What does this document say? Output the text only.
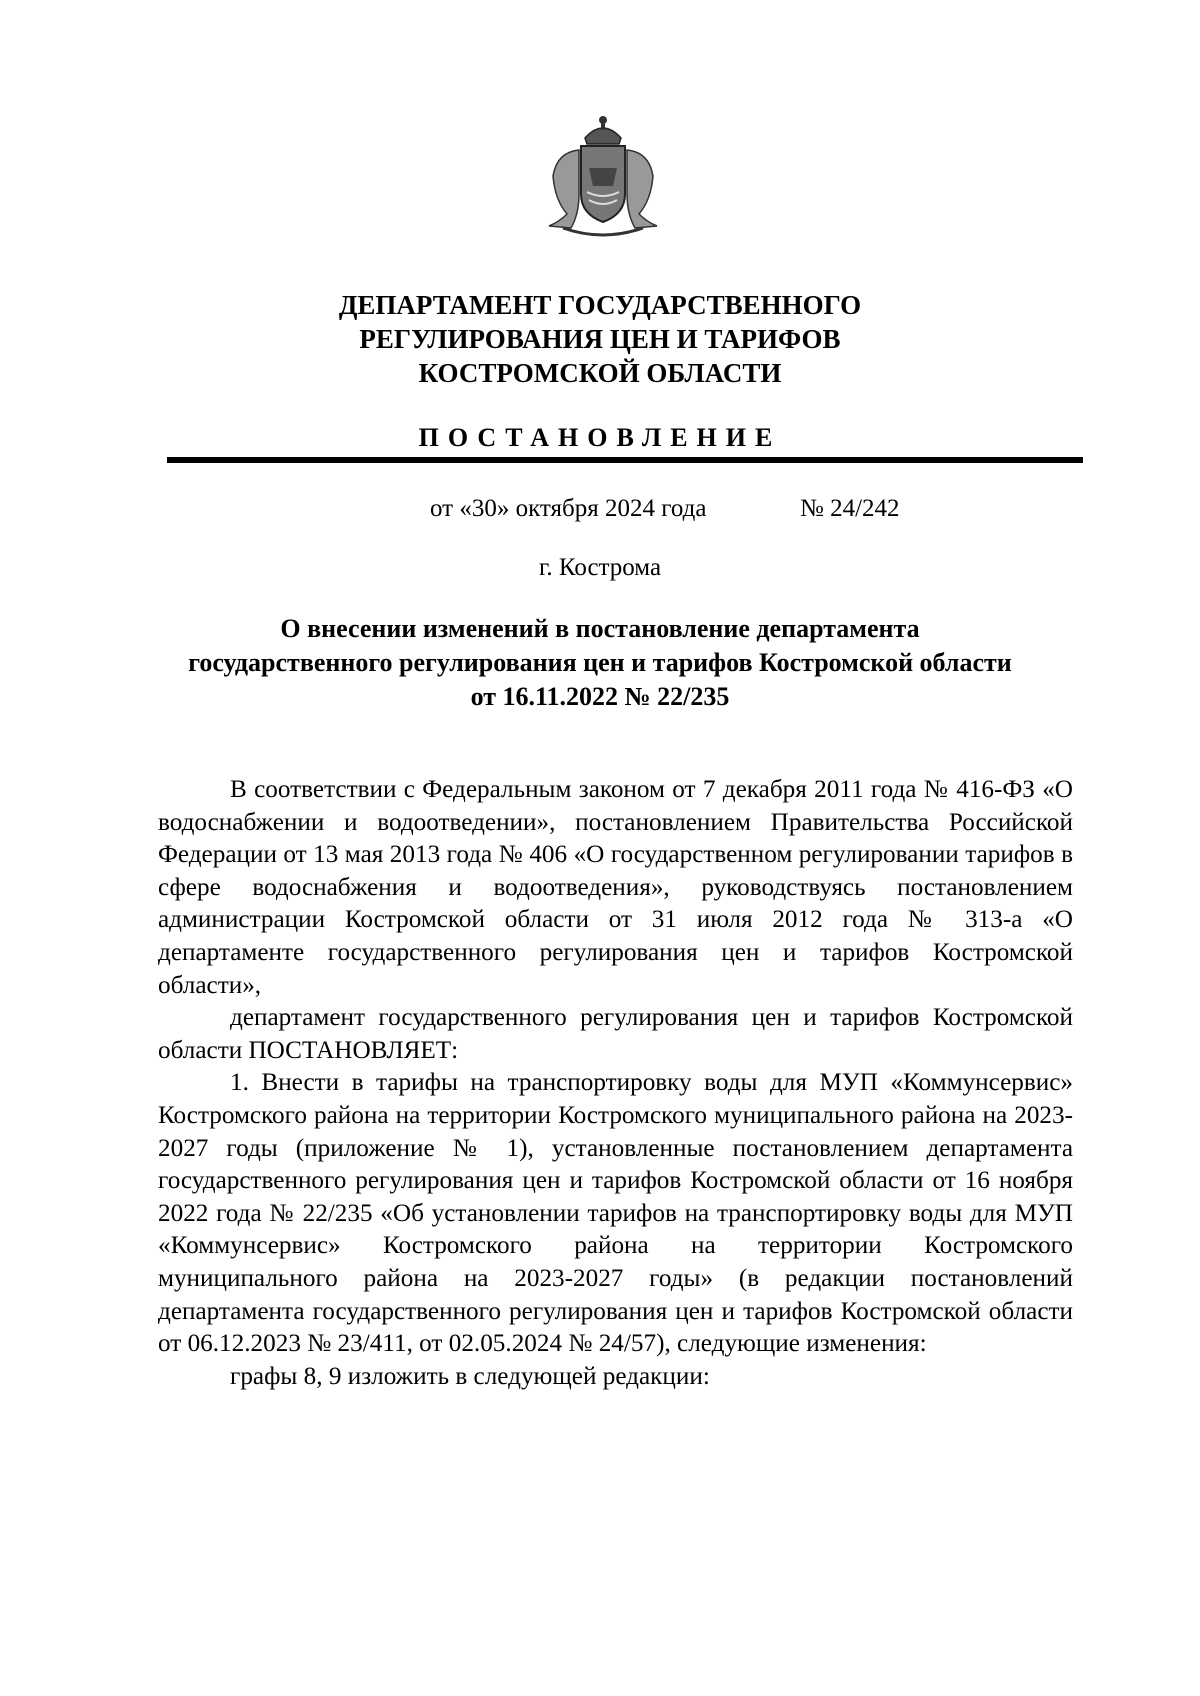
ДЕПАРТАМЕНТ ГОСУДАРСТВЕННОГО
РЕГУЛИРОВАНИЯ ЦЕН И ТАРИФОВ
КОСТРОМСКОЙ ОБЛАСТИ
ПОСТАНОВЛЕНИЕ
от «30» октября 2024 года	№ 24/242
г. Кострома
О внесении изменений в постановление департамента
государственного регулирования цен и тарифов Костромской области
от 16.11.2022 № 22/235

В соответствии с Федеральным законом от 7 декабря 2011 года № 416-ФЗ «О водоснабжении и водоотведении», постановлением Правительства Российской Федерации от 13 мая 2013 года № 406 «О государственном регулировании тарифов в сфере водоснабжения и водоотведения», руководствуясь постановлением администрации Костромской области от 31 июля 2012 года № 313-а «О департаменте государственного регулирования цен и тарифов Костромской области»,

департамент государственного регулирования цен и тарифов Костромской области ПОСТАНОВЛЯЕТ:

1. Внести в тарифы на транспортировку воды для МУП «Коммунсервис» Костромского района на территории Костромского муниципального района на 2023-2027 годы (приложение № 1), установленные постановлением департамента государственного регулирования цен и тарифов Костромской области от 16 ноября 2022 года № 22/235 «Об установлении тарифов на транспортировку воды для МУП «Коммунсервис» Костромского района на территории Костромского муниципального района на 2023-2027 годы» (в редакции постановлений департамента государственного регулирования цен и тарифов Костромской области от 06.12.2023 № 23/411, от 02.05.2024 № 24/57), следующие изменения:

графы 8, 9 изложить в следующей редакции:
